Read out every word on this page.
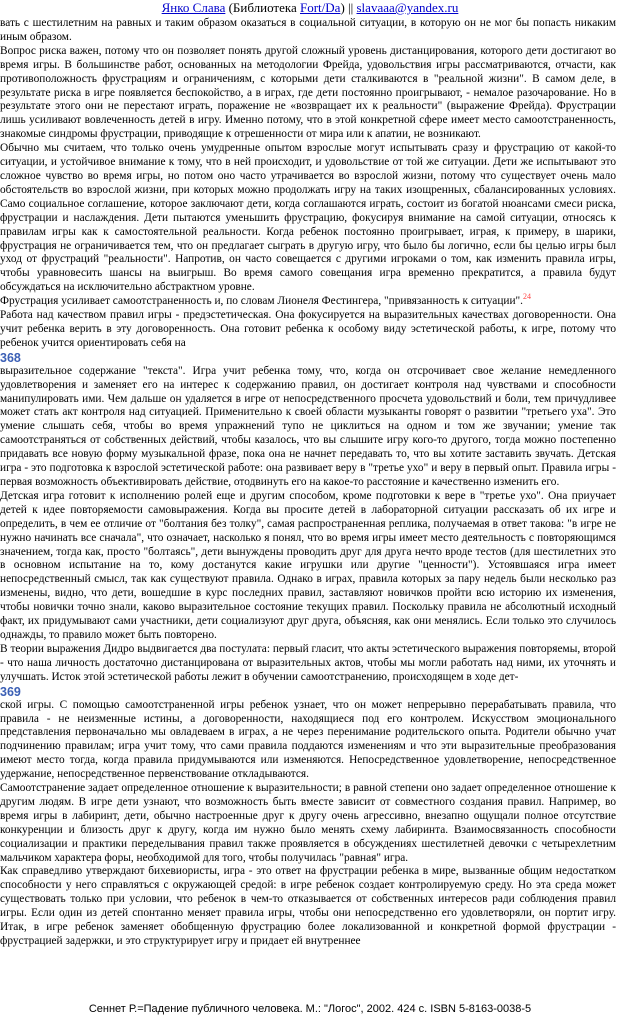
Янко Слава (Библиотека Fort/Da) || slavaaa@yandex.ru

вать с шестилетним на равных и таким образом оказаться в социальной ситуации, в которую он не мог бы попасть никаким иным образом.

Вопрос риска важен, потому что он позволяет понять другой сложный уровень дистанцирования, которого дети достигают во время игры. В большинстве работ, основанных на методологии Фрейда, удовольствия игры рассматриваются, отчасти, как противоположность фрустрациям и ограничениям, с которыми дети сталкиваются в "реальной жизни". В самом деле, в результате риска в игре появляется беспокойство, а в играх, где дети постоянно проигрывают, - немалое разочарование. Но в результате этого они не перестают играть, поражение не «возвращает их к реальности" (выражение Фрейда). Фрустрации лишь усиливают вовлеченность детей в игру. Именно потому, что в этой конкретной сфере имеет место самоотстраненность, знакомые синдромы фрустрации, приводящие к отрешенности от мира или к апатии, не возникают.

Обычно мы считаем, что только очень умудренные опытом взрослые могут испытывать сразу и фрустрацию от какой-то ситуации, и устойчивое внимание к тому, что в ней происходит, и удовольствие от той же ситуации. Дети же испытывают это сложное чувство во время игры, но потом оно часто утрачивается во взрослой жизни, потому что существует очень мало обстоятельств во взрослой жизни, при которых можно продолжать игру на таких изощренных, сбалансированных условиях. Само социальное соглашение, которое заключают дети, когда соглашаются играть, состоит из богатой нюансами смеси риска, фрустрации и наслаждения. Дети пытаются уменьшить фрустрацию, фокусируя внимание на самой ситуации, относясь к правилам игры как к самостоятельной реальности. Когда ребенок постоянно проигрывает, играя, к примеру, в шарики, фрустрация не ограничивается тем, что он предлагает сыграть в другую игру, что было бы логично, если бы целью игры был уход от фрустраций "реальности". Напротив, он часто совещается с другими игроками о том, как изменить правила игры, чтобы уравновесить шансы на выигрыш. Во время самого совещания игра временно прекратится, а правила будут обсуждаться на исключительно абстрактном уровне.

Фрустрация усиливает самоотстраненность и, по словам Лионеля Фестингера, "привязанность к ситуации".$^{24}$

Работа над качеством правил игры - предэстетическая. Она фокусируется на выразительных качествах договоренности. Она учит ребенка верить в эту договоренность. Она готовит ребенка к особому виду эстетической работы, к игре, потому что ребенок учится ориентировать себя на

368

выразительное содержание "текста". Игра учит ребенка тому, что, когда он отсрочивает свое желание немедленного удовлетворения и заменяет его на интерес к содержанию правил, он достигает контроля над чувствами и способности манипулировать ими. Чем дальше он удаляется в игре от непосредственного просчета удовольствий и боли, тем причудливее может стать акт контроля над ситуацией. Применительно к своей области музыканты говорят о развитии "третьего уха". Это умение слышать себя, чтобы во время упражнений тупо не циклиться на одном и том же звучании; умение так самоотстраняться от собственных действий, чтобы казалось, что вы слышите игру кого-то другого, тогда можно постепенно придавать все новую форму музыкальной фразе, пока она не начнет передавать то, что вы хотите заставить звучать. Детская игра - это подготовка к взрослой эстетической работе: она развивает веру в "третье ухо" и веру в первый опыт. Правила игры - первая возможность объективировать действие, отодвинуть его на какое-то расстояние и качественно изменить его.

Детская игра готовит к исполнению ролей еще и другим способом, кроме подготовки к вере в "третье ухо". Она приучает детей к идее повторяемости самовыражения. Когда вы просите детей в лабораторной ситуации рассказать об их игре и определить, в чем ее отличие от "болтания без толку", самая распространенная реплика, получаемая в ответ такова: "в игре не нужно начинать все сначала", что означает, насколько я понял, что во время игры имеет место деятельность с повторяющимся значением, тогда как, просто "болтаясь", дети вынуждены проводить друг для друга нечто вроде тестов (для шестилетних это в основном испытание на то, кому достанутся какие игрушки или другие "ценности"). Устоявшаяся игра имеет непосредственный смысл, так как существуют правила. Однако в играх, правила которых за пару недель были несколько раз изменены, видно, что дети, вошедшие в курс последних правил, заставляют новичков пройти всю историю их изменения, чтобы новички точно знали, каково выразительное состояние текущих правил. Поскольку правила не абсолютный исходный факт, их придумывают сами участники, дети социализуют друг друга, объясняя, как они менялись. Если только это случилось однажды, то правило может быть повторено.

В теории выражения Дидро выдвигается два постулата: первый гласит, что акты эстетического выражения повторяемы, второй - что наша личность достаточно дистанцирована от выразительных актов, чтобы мы могли работать над ними, их уточнять и улучшать. Исток этой эстетической работы лежит в обучении самоотстранению, происходящем в ходе дет-

369

ской игры. С помощью самоотстраненной игры ребенок узнает, что он может непрерывно перерабатывать правила, что правила - не неизменные истины, а договоренности, находящиеся под его контролем. Искусством эмоционального представления первоначально мы овладеваем в играх, а не через перенимание родительского опыта. Родители обычно учат подчинению правилам; игра учит тому, что сами правила поддаются изменениям и что эти выразительные преобразования имеют место тогда, когда правила придумываются или изменяются. Непосредственное удовлетворение, непосредственное удержание, непосредственное первенствование откладываются.

Самоотстранение задает определенное отношение к выразительности; в равной степени оно задает определенное отношение к другим людям. В игре дети узнают, что возможность быть вместе зависит от совместного создания правил. Например, во время игры в лабиринт, дети, обычно настроенные друг к другу очень агрессивно, внезапно ощущали полное отсутствие конкуренции и близость друг к другу, когда им нужно было менять схему лабиринта. Взаимосвязанность способности социализации и практики переделывания правил также проявляется в обсуждениях шестилетней девочки с четырехлетним мальчиком характера форы, необходимой для того, чтобы получилась "равная" игра.

Как справедливо утверждают бихевиористы, игра - это ответ на фрустрации ребенка в мире, вызванные общим недостатком способности у него справляться с окружающей средой: в игре ребенок создает контролируемую среду. Но эта среда может существовать только при условии, что ребенок в чем-то отказывается от собственных интересов ради соблюдения правил игры. Если один из детей спонтанно меняет правила игры, чтобы они непосредственно его удовлетворяли, он портит игру. Итак, в игре ребенок заменяет обобщенную фрустрацию более локализованной и конкретной формой фрустрации - фрустрацией задержки, и это структурирует игру и придает ей внутреннее

Сеннет Р.=Падение публичного человека. М.: "Логос", 2002. 424 с. ISBN 5-8163-0038-5
